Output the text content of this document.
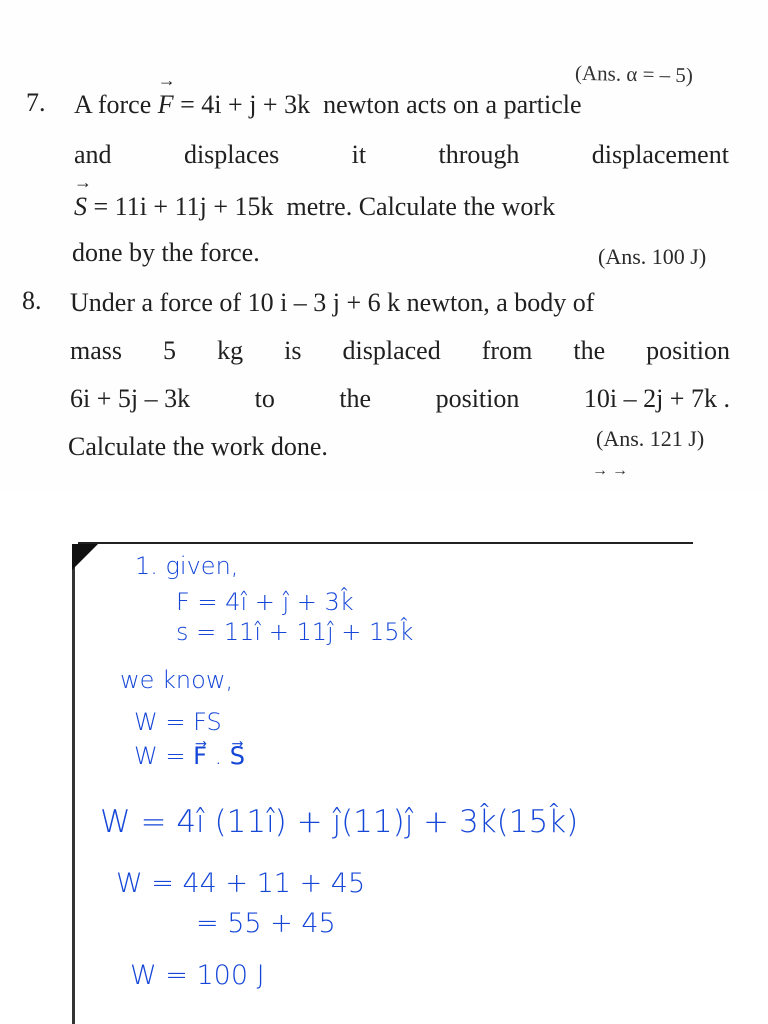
(Ans. α = – 5)
7. A force → F = 4i + j + 3k newton acts on a particle
and	displaces	it	through	displacement
→ S = 11i + 11j + 15k metre. Calculate the work
done by the force.	(Ans. 100 J)
8. Under a force of 10 i – 3 j + 6 k newton, a body of
mass 5 kg is displaced from the position
6i + 5j – 3k to the position 10i – 2j + 7k .
Calculate the work done.	(Ans. 121 J)
→ →
1. given,
F = 4î + ĵ + 3k̂
s = 11î + 11ĵ + 15k̂
we know,
W = FS
W = F⃗ . S⃗
W = 4î (11î) + ĵ(11)ĵ + 3k̂(15k̂)
W = 44 + 11 + 45
= 55 + 45
W = 100 J
